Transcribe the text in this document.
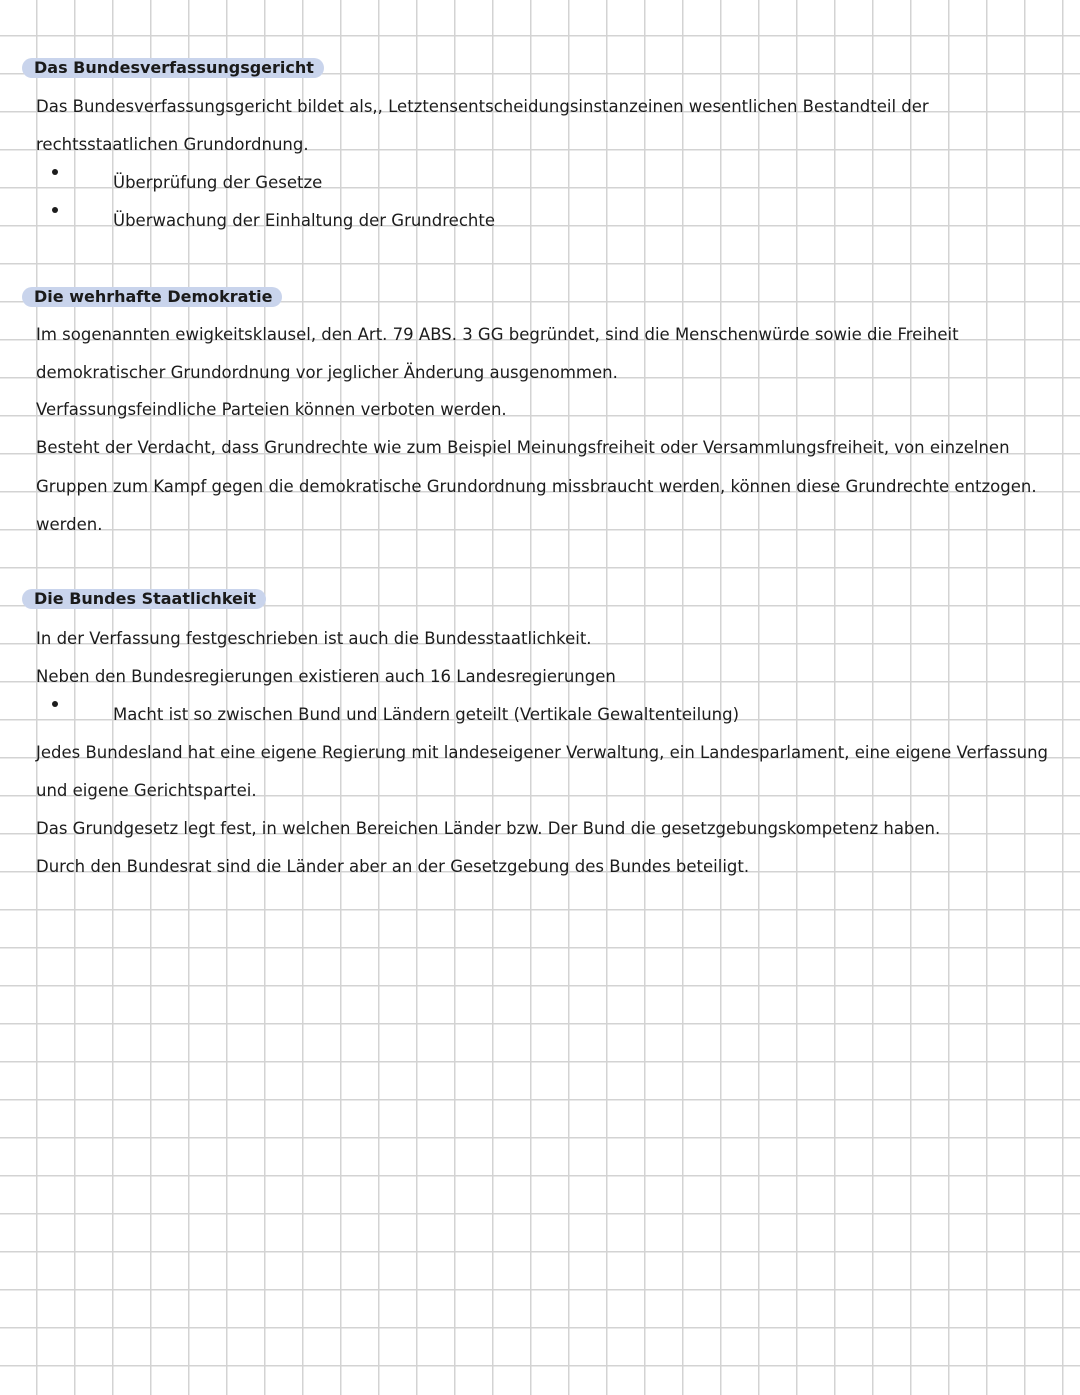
Das Bundesverfassungsgericht
Das Bundesverfassungsgericht bildet als,, Letztensentscheidungsinstanzeinen wesentlichen Bestandteil der
rechtsstaatlichen Grundordnung.
Überprüfung der Gesetze
Überwachung der Einhaltung der Grundrechte
Die wehrhafte Demokratie
Im sogenannten ewigkeitsklausel, den Art. 79 ABS. 3 GG begründet, sind die Menschenwürde sowie die Freiheit
demokratischer Grundordnung vor jeglicher Änderung ausgenommen.
Verfassungsfeindliche Parteien können verboten werden.
Besteht der Verdacht, dass Grundrechte wie zum Beispiel Meinungsfreiheit oder Versammlungsfreiheit, von einzelnen
Gruppen zum Kampf gegen die demokratische Grundordnung missbraucht werden, können diese Grundrechte entzogen.
werden.
Die Bundes Staatlichkeit
In der Verfassung festgeschrieben ist auch die Bundesstaatlichkeit.
Neben den Bundesregierungen existieren auch 16 Landesregierungen
Macht ist so zwischen Bund und Ländern geteilt (Vertikale Gewaltenteilung)
Jedes Bundesland hat eine eigene Regierung mit landeseigener Verwaltung, ein Landesparlament, eine eigene Verfassung
und eigene Gerichtspartei.
Das Grundgesetz legt fest, in welchen Bereichen Länder bzw. Der Bund die gesetzgebungskompetenz haben.
Durch den Bundesrat sind die Länder aber an der Gesetzgebung des Bundes beteiligt.
